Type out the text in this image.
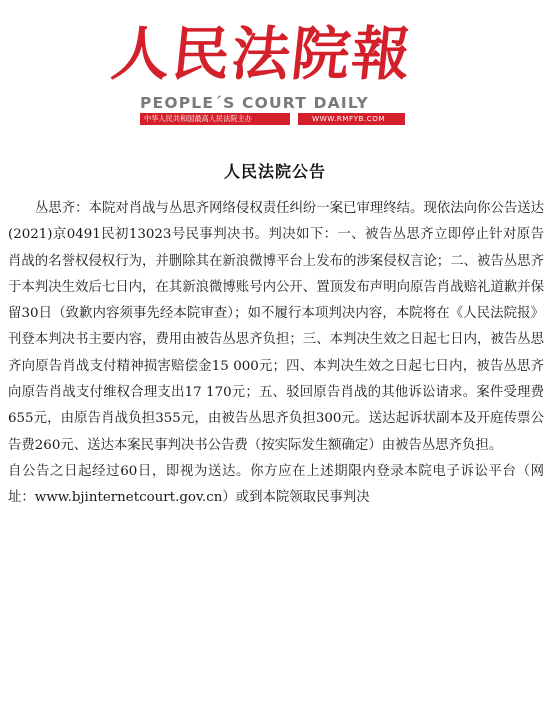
人民法院報
PEOPLE´S COURT DAILY
中华人民共和国最高人民法院主办	WWW.RMFYB.COM
人民法院公告

丛思齐：本院对肖战与丛思齐网络侵权责任纠纷一案已审理终结。现依法向你公告送达(2021)京0491民初13023号民事判决书。判决如下：一、被告丛思齐立即停止针对原告肖战的名誉权侵权行为，并删除其在新浪微博平台上发布的涉案侵权言论；二、被告丛思齐于本判决生效后七日内，在其新浪微博账号内公开、置顶发布声明向原告肖战赔礼道歉并保留30日（致歉内容须事先经本院审查）；如不履行本项判决内容，本院将在《人民法院报》刊登本判决书主要内容，费用由被告丛思齐负担；三、本判决生效之日起七日内，被告丛思齐向原告肖战支付精神损害赔偿金15 000元；四、本判决生效之日起七日内，被告丛思齐向原告肖战支付维权合理支出17 170元；五、驳回原告肖战的其他诉讼请求。案件受理费655元，由原告肖战负担355元，由被告丛思齐负担300元。送达起诉状副本及开庭传票公告费260元、送达本案民事判决书公告费（按实际发生额确定）由被告丛思齐负担。

自公告之日起经过60日，即视为送达。你方应在上述期限内登录本院电子诉讼平台（网址：www.bjinternetcourt.gov.cn）或到本院领取民事判决
